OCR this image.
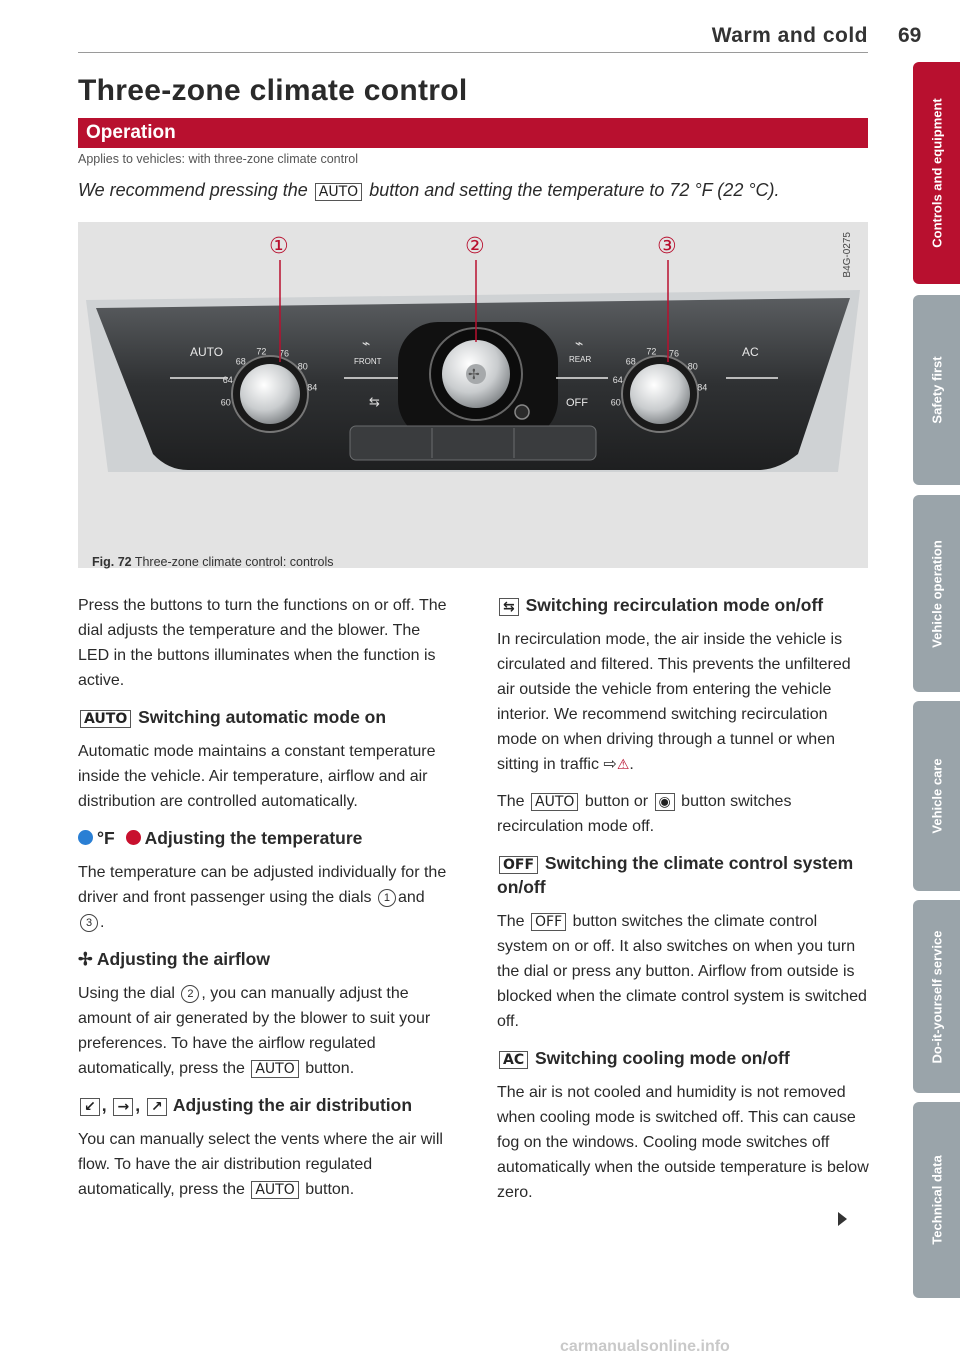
Warm and cold 69
Three-zone climate control
Operation
Applies to vehicles: with three-zone climate control
We recommend pressing the AUTO button and setting the temperature to 72 °F (22 °C).
AUTO
FRONT	REAR
OFF
AC
⌁	⌁
⇆
✢
68
72 76
80
84
64
60
68
72 76
80
84
64
60
①	②	③	B4G-0275
Fig. 72 Three-zone climate control: controls

Press the buttons to turn the functions on or off. The dial adjusts the temperature and the blower. The LED in the buttons illuminates when the function is active.

AUTO Switching automatic mode on

Automatic mode maintains a constant temperature inside the vehicle. Air temperature, airflow and air distribution are controlled automatically.

°F Adjusting the temperature

The temperature can be adjusted individually for the driver and front passenger using the dials 1 and 3 .

✢ Adjusting the airflow

Using the dial 2 , you can manually adjust the amount of air generated by the blower to suit your preferences. To have the airflow regulated automatically, press the AUTO button.

↙ , → , ↗ Adjusting the air distribution

You can manually select the vents where the air will flow. To have the air distribution regulated automatically, press the AUTO button.

⇆ Switching recirculation mode on/off

In recirculation mode, the air inside the vehicle is circulated and filtered. This prevents the unfiltered air outside the vehicle from entering the vehicle interior. We recommend switching recirculation mode on when driving through a tunnel or when sitting in traffic ⇨⚠.

The AUTO button or ◉ button switches recirculation mode off.

OFF Switching the climate control system on/off

The OFF button switches the climate control system on or off. It also switches on when you turn the dial or press any button. Airflow from outside is blocked when the climate control system is switched off.

AC Switching cooling mode on/off

The air is not cooled and humidity is not removed when cooling mode is switched off. This can cause fog on the windows. Cooling mode switches off automatically when the outside temperature is below zero.

Controls and equipment
Safety first
Vehicle operation
Vehicle care
Do-it-yourself service
Technical data
carmanualsonline.info
